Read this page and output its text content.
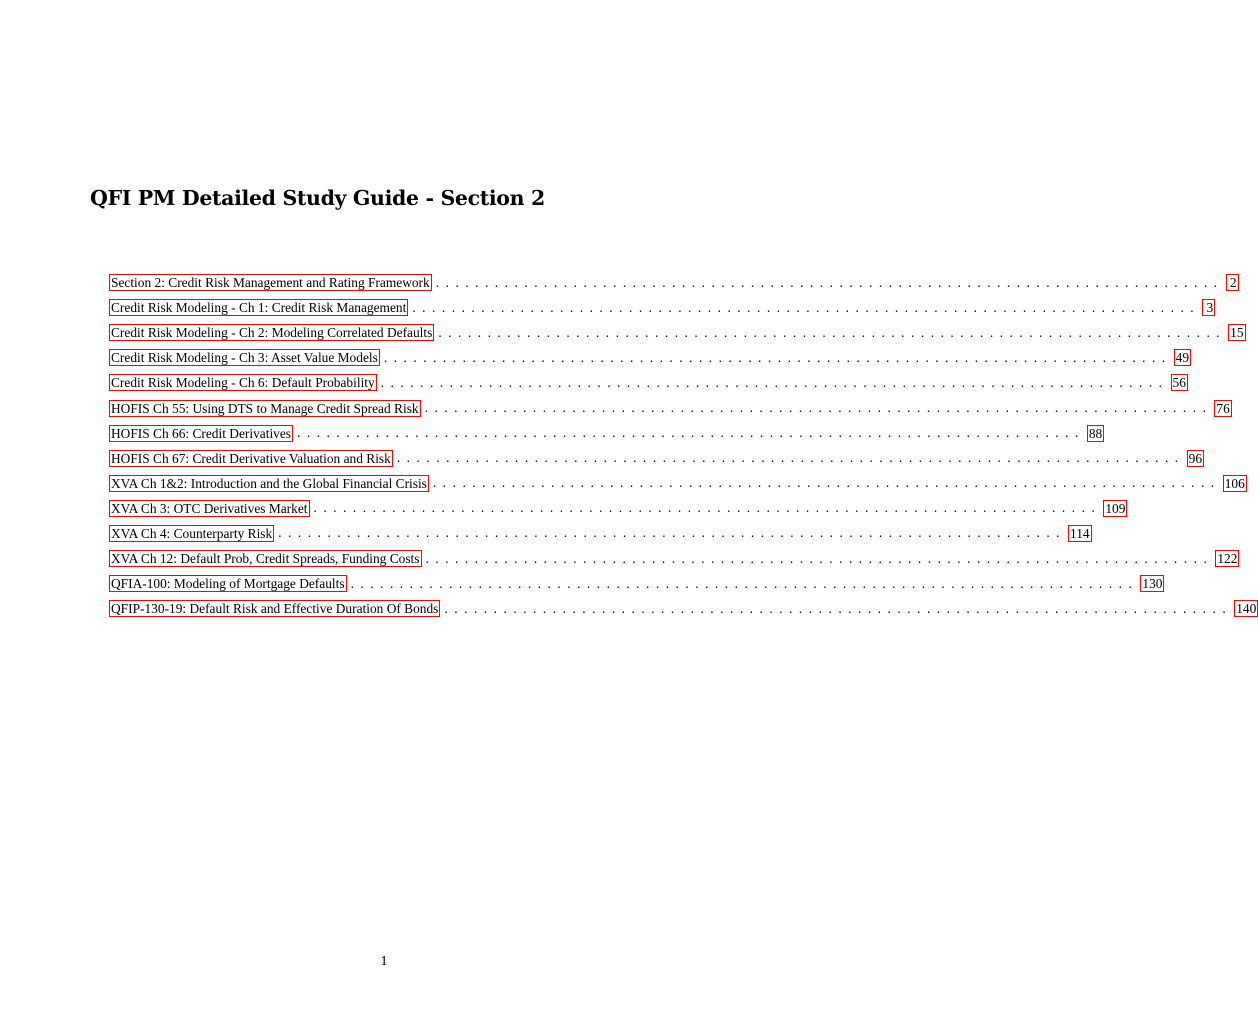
QFI PM Detailed Study Guide - Section 2
Section 2: Credit Risk Management and Rating Framework ................................................................................ 2
Credit Risk Modeling - Ch 1: Credit Risk Management ................................................................................ 3
Credit Risk Modeling - Ch 2: Modeling Correlated Defaults ................................................................................ 15
Credit Risk Modeling - Ch 3: Asset Value Models ................................................................................ 49
Credit Risk Modeling - Ch 6: Default Probability ................................................................................ 56
HOFIS Ch 55: Using DTS to Manage Credit Spread Risk ................................................................................ 76
HOFIS Ch 66: Credit Derivatives ................................................................................ 88
HOFIS Ch 67: Credit Derivative Valuation and Risk ................................................................................ 96
XVA Ch 1&2: Introduction and the Global Financial Crisis ................................................................................ 106
XVA Ch 3: OTC Derivatives Market ................................................................................ 109
XVA Ch 4: Counterparty Risk ................................................................................ 114
XVA Ch 12: Default Prob, Credit Spreads, Funding Costs ................................................................................ 122
QFIA-100: Modeling of Mortgage Defaults ................................................................................ 130
QFIP-130-19: Default Risk and Effective Duration Of Bonds ................................................................................ 140
1
